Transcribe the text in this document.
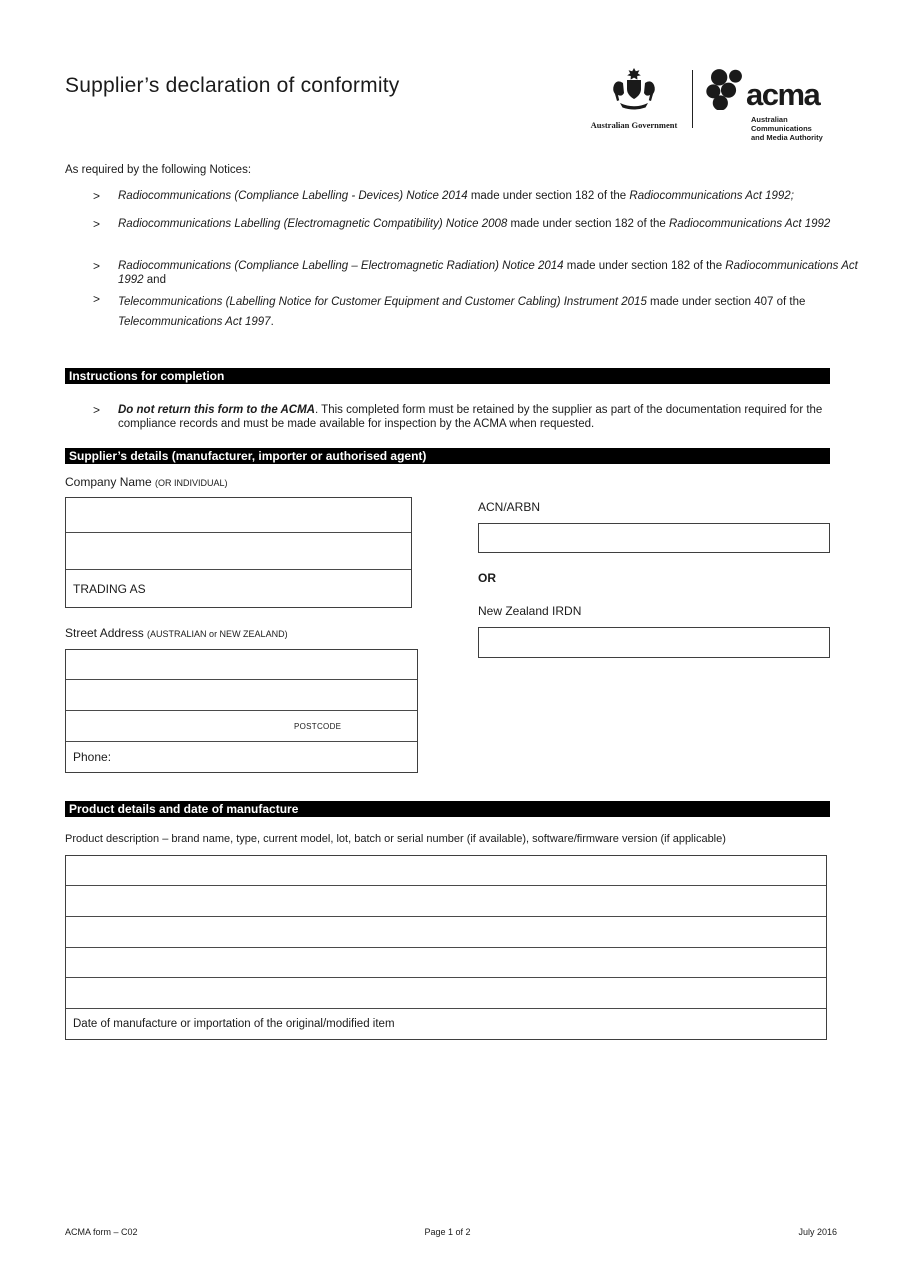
Supplier’s declaration of conformity
Australian Government
acma
Australian
Communications
and Media Authority
As required by the following Notices:
>	Radiocommunications (Compliance Labelling - Devices) Notice 2014 made under section 182 of the Radiocommunications Act 1992;
>	Radiocommunications Labelling (Electromagnetic Compatibility) Notice 2008 made under section 182 of the Radiocommunications Act 1992
>	Radiocommunications (Compliance Labelling – Electromagnetic Radiation) Notice 2014 made under section 182 of the Radiocommunications Act 1992 and
>	Telecommunications (Labelling Notice for Customer Equipment and Customer Cabling) Instrument 2015 made under section 407 of the Telecommunications Act 1997.
Instructions for completion
>	Do not return this form to the ACMA. This completed form must be retained by the supplier as part of the documentation required for the compliance records and must be made available for inspection by the ACMA when requested.
Supplier’s details (manufacturer, importer or authorised agent)
Company Name (OR INDIVIDUAL)
TRADING AS
ACN/ARBN
OR
New Zealand IRDN
Street Address (AUSTRALIAN or NEW ZEALAND)
POSTCODE
Phone:
Product details and date of manufacture
Product description – brand name, type, current model, lot, batch or serial number (if available), software/firmware version (if applicable)
Date of manufacture or importation of the original/modified item
ACMA form – C02	Page 1 of 2	July 2016
